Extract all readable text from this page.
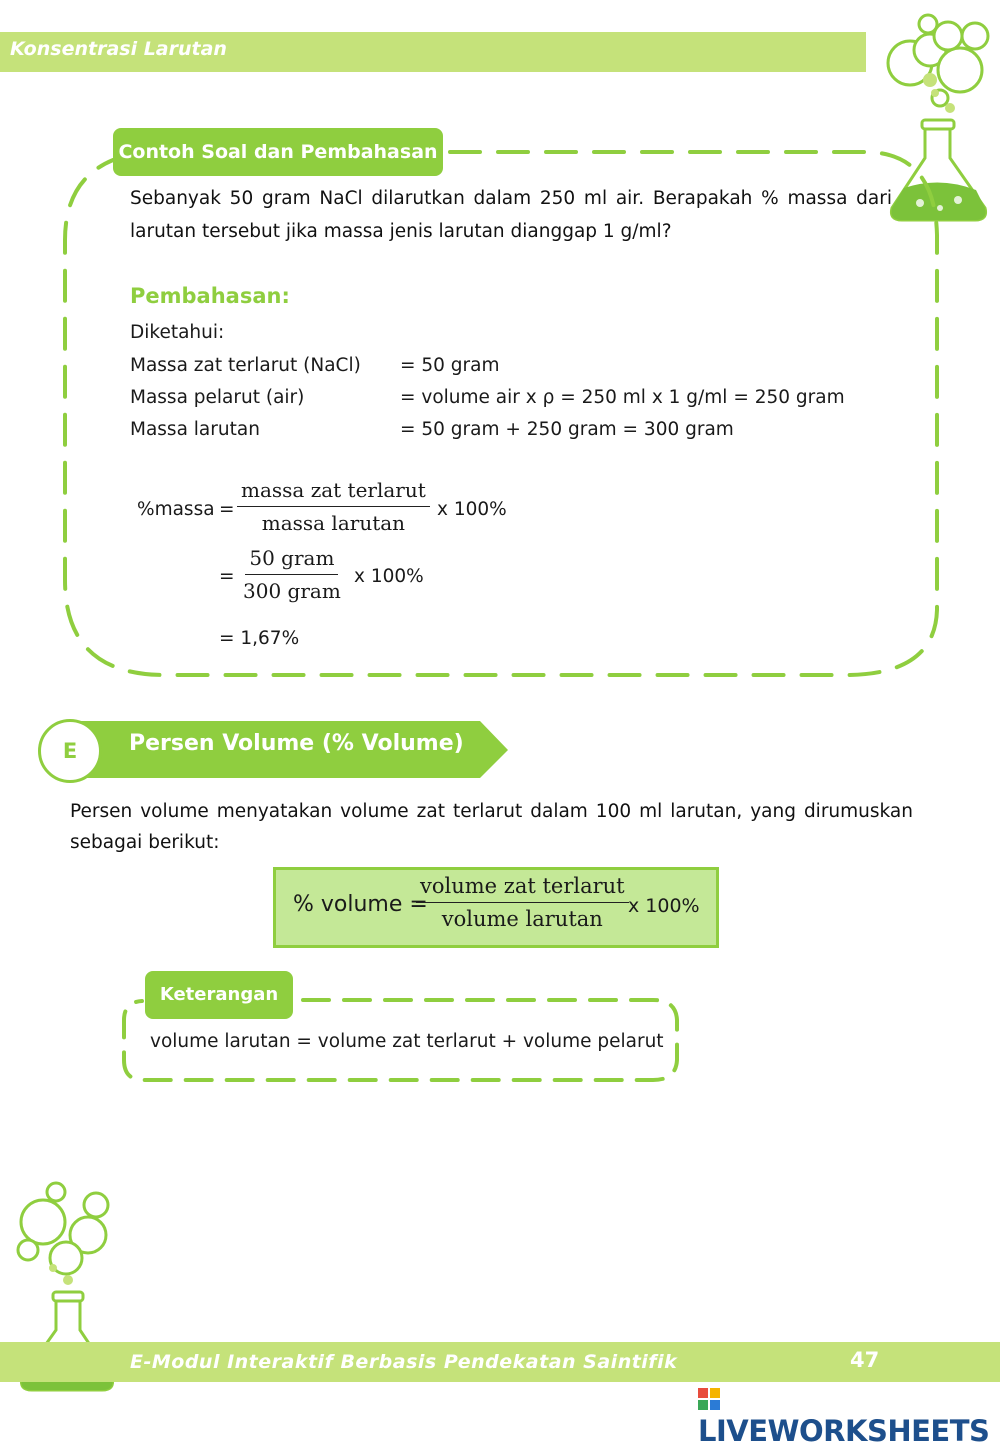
Konsentrasi Larutan
Contoh Soal dan Pembahasan
Sebanyak 50 gram NaCl dilarutkan dalam 250 ml air. Berapakah % massa dari
larutan tersebut jika massa jenis larutan dianggap 1 g/ml?
Pembahasan:
Diketahui:
Massa zat terlarut (NaCl) = 50 gram
Massa pelarut (air)	= volume air x ρ = 250 ml x 1 g/ml = 250 gram
Massa larutan	= 50 gram + 250 gram = 300 gram
%massa = $\frac{\text{massa zat terlarut}}{\text{massa larutan}}$ x 100%
= $\frac{\text{50 gram}}{\text{300 gram}}$ x 100%
= 1,67%
E	Persen Volume (% Volume)
Persen volume menyatakan volume zat terlarut dalam 100 ml larutan, yang dirumuskan
sebagai berikut:
% volume =
$\frac{\text{volume zat terlarut}}{\text{volume larutan}}$ x 100%
Keterangan
volume larutan = volume zat terlarut + volume pelarut
E-Modul Interaktif Berbasis Pendekatan Saintifik	47
LIVEWORKSHEETS
